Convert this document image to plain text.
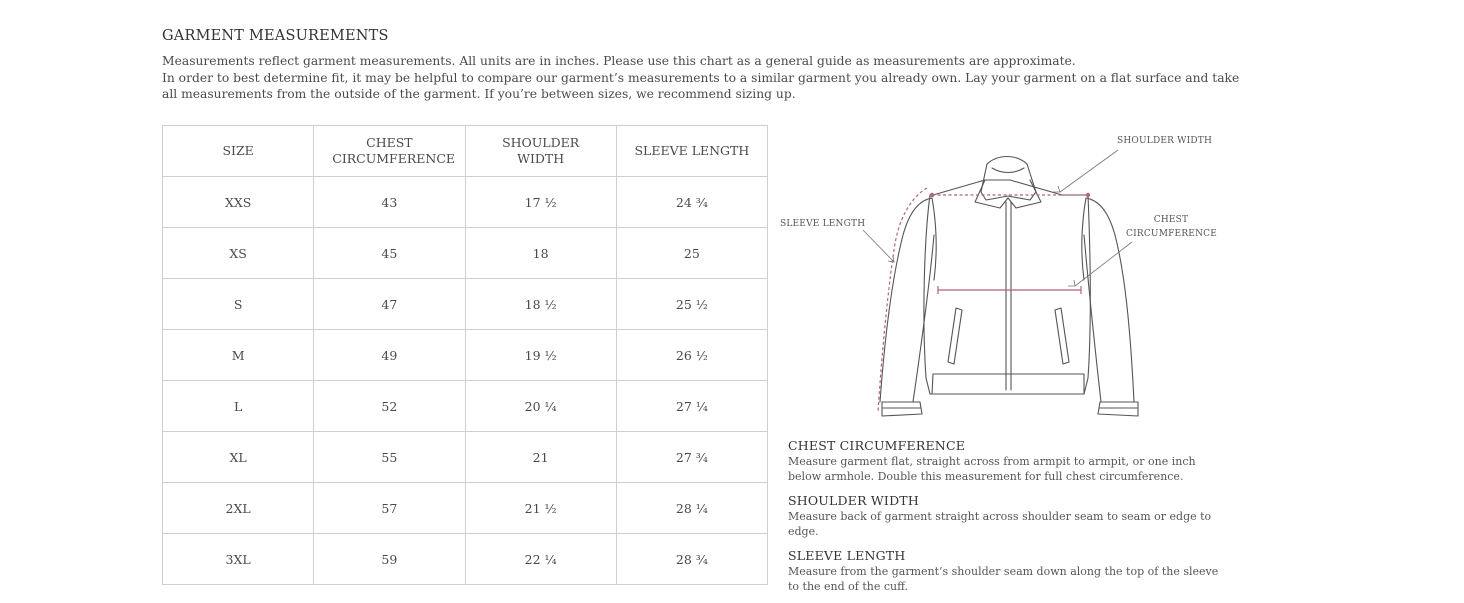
GARMENT MEASUREMENTS

Measurements reflect garment measurements. All units are in inches. Please use this chart as a general guide as measurements are approximate.

In order to best determine fit, it may be helpful to compare our garment’s measurements to a similar garment you already own. Lay your garment on a flat surface and take all measurements from the outside of the garment. If you’re between sizes, we recommend sizing up.

SIZE	CHEST CIRCUMFERENCE	SHOULDER WIDTH	SLEEVE LENGTH
XXS	43	17 ½	24 ¾
XS	45	18	25
S	47	18 ½	25 ½
M	49	19 ½	26 ½
L	52	20 ¼	27 ¼
XL	55	21	27 ¾
2XL	57	21 ½	28 ¼
3XL	59	22 ¼	28 ¾
SHOULDER WIDTH
SLEEVE LENGTH	CHEST
CIRCUMFERENCE
CHEST CIRCUMFERENCE
Measure garment flat, straight across from armpit to armpit, or one inch below armhole. Double this measurement for full chest circumference.
SHOULDER WIDTH
Measure back of garment straight across shoulder seam to seam or edge to edge.
SLEEVE LENGTH
Measure from the garment’s shoulder seam down along the top of the sleeve to the end of the cuff.
